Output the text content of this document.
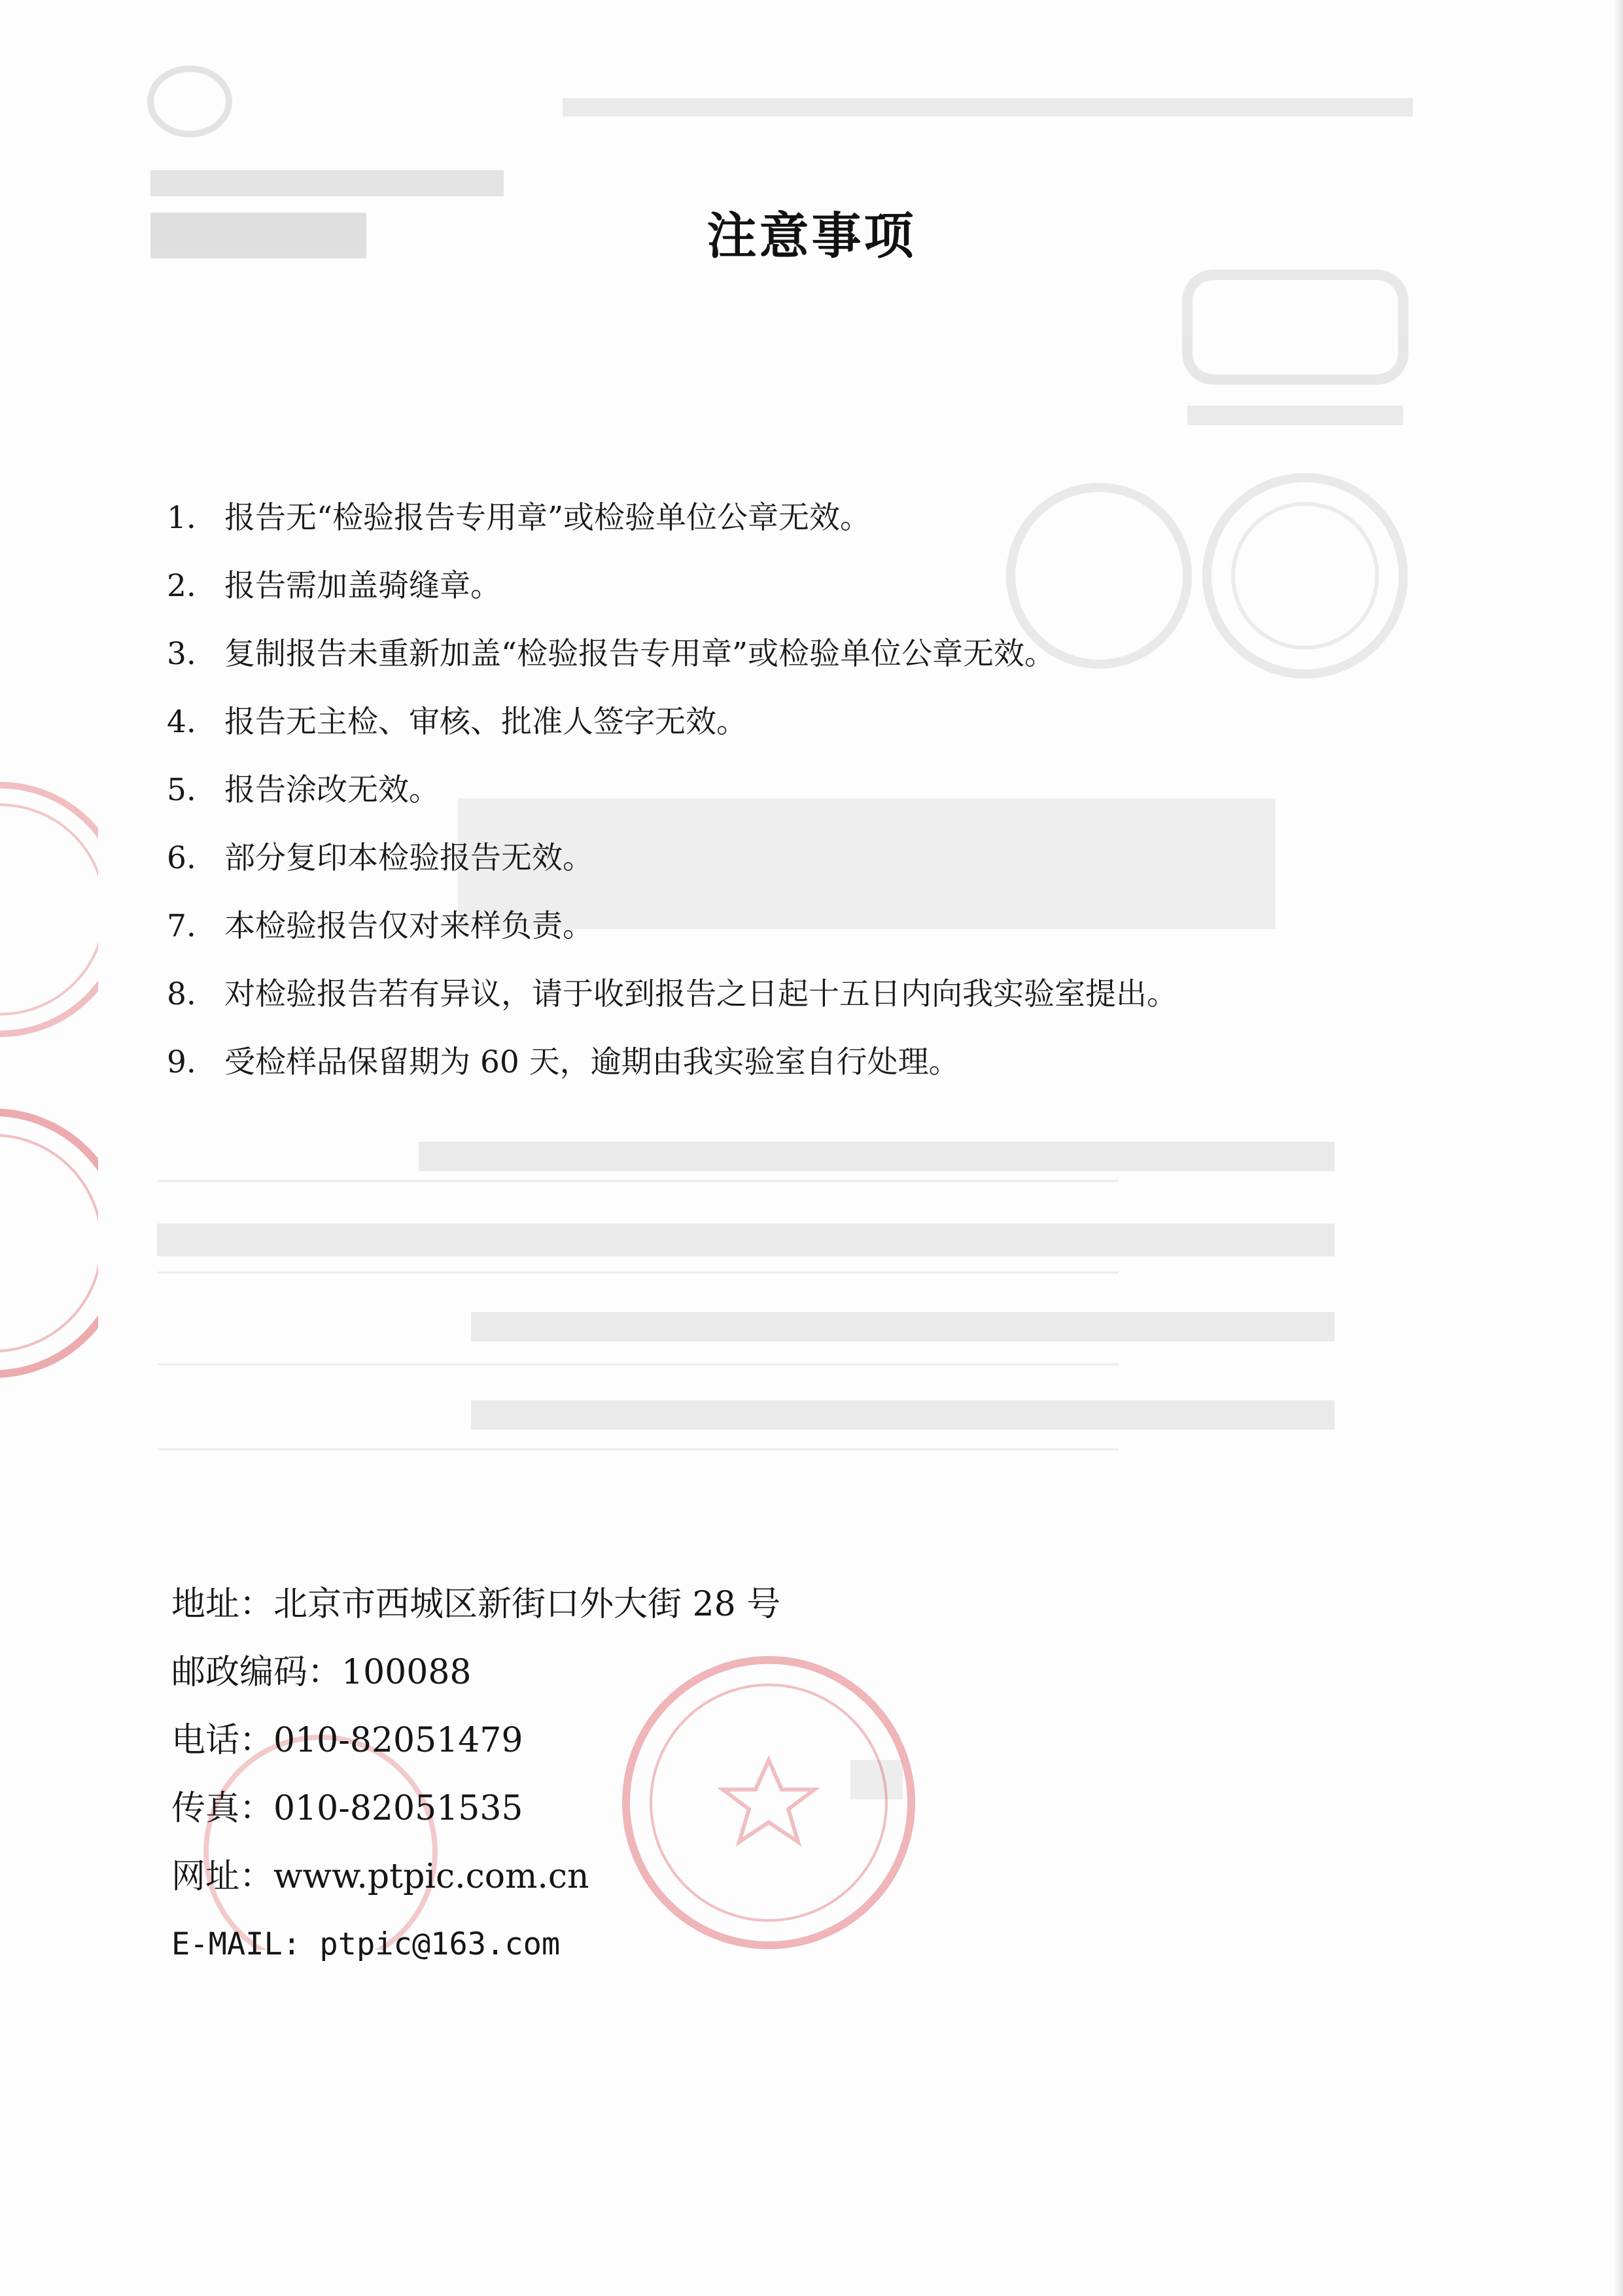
注意事项
1. 报告无“检验报告专用章”或检验单位公章无效。
2. 报告需加盖骑缝章。
3. 复制报告未重新加盖“检验报告专用章”或检验单位公章无效。
4. 报告无主检、审核、批准人签字无效。
5. 报告涂改无效。
6. 部分复印本检验报告无效。
7. 本检验报告仅对来样负责。
8. 对检验报告若有异议，请于收到报告之日起十五日内向我实验室提出。
9. 受检样品保留期为 60 天，逾期由我实验室自行处理。
地址：北京市西城区新街口外大街 28 号
邮政编码：100088
电话：010-82051479
传真：010-82051535
网址：www.ptpic.com.cn
E-MAIL: ptpic@163.com
